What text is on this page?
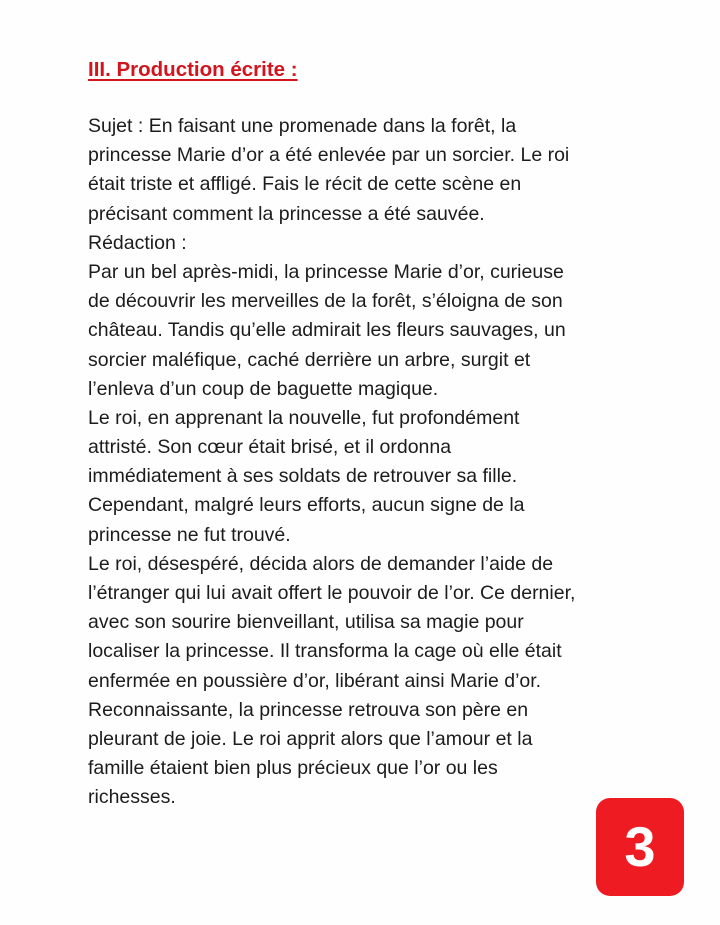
III. Production écrite :
Sujet : En faisant une promenade dans la forêt, la
princesse Marie d’or a été enlevée par un sorcier. Le roi
était triste et affligé. Fais le récit de cette scène en
précisant comment la princesse a été sauvée.
Rédaction :
Par un bel après-midi, la princesse Marie d’or, curieuse
de découvrir les merveilles de la forêt, s’éloigna de son
château. Tandis qu’elle admirait les fleurs sauvages, un
sorcier maléfique, caché derrière un arbre, surgit et
l’enleva d’un coup de baguette magique.
Le roi, en apprenant la nouvelle, fut profondément
attristé. Son cœur était brisé, et il ordonna
immédiatement à ses soldats de retrouver sa fille.
Cependant, malgré leurs efforts, aucun signe de la
princesse ne fut trouvé.
Le roi, désespéré, décida alors de demander l’aide de
l’étranger qui lui avait offert le pouvoir de l’or. Ce dernier,
avec son sourire bienveillant, utilisa sa magie pour
localiser la princesse. Il transforma la cage où elle était
enfermée en poussière d’or, libérant ainsi Marie d’or.
Reconnaissante, la princesse retrouva son père en
pleurant de joie. Le roi apprit alors que l’amour et la
famille étaient bien plus précieux que l’or ou les
richesses.
3
